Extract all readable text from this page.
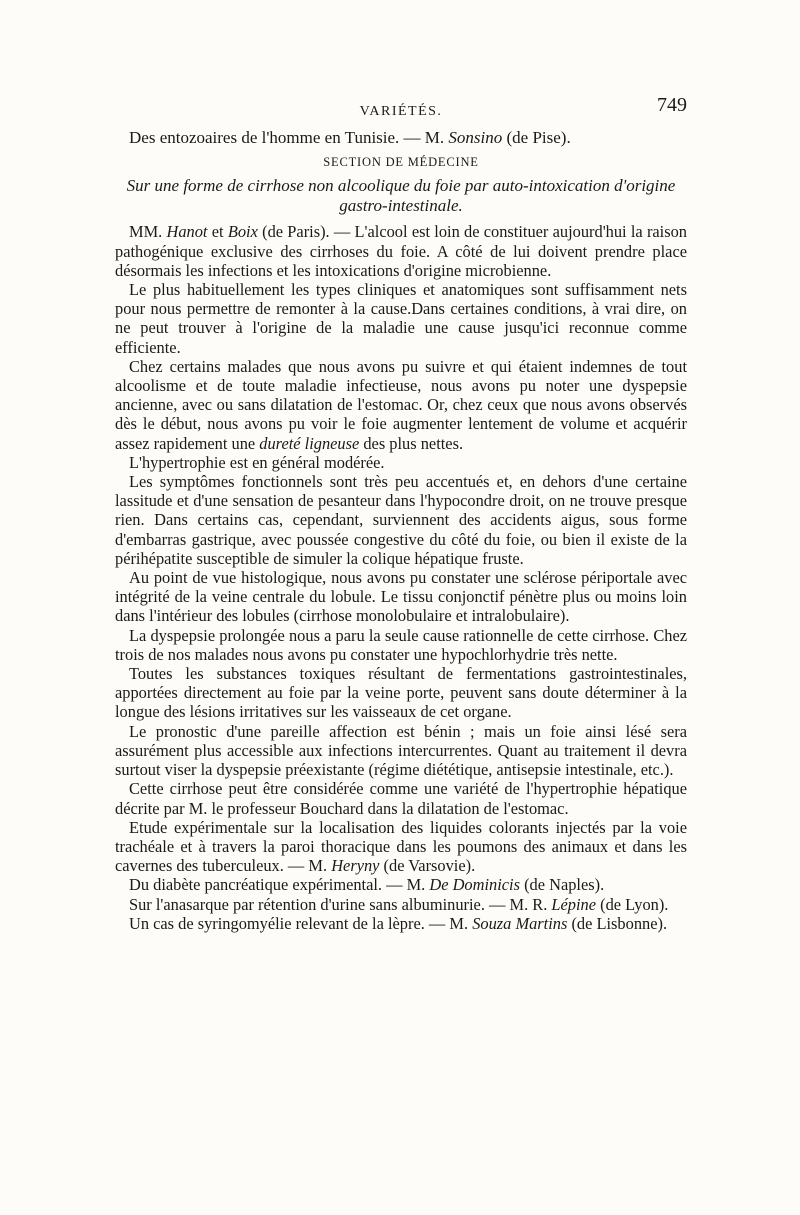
VARIÉTÉS.	749
Des entozoaires de l'homme en Tunisie. — M. Sonsino (de Pise).
SECTION DE MÉDECINE
Sur une forme de cirrhose non alcoolique du foie par auto-intoxication d'origine gastro-intestinale.

MM. Hanot et Boix (de Paris). — L'alcool est loin de constituer aujourd'hui la raison pathogénique exclusive des cirrhoses du foie. A côté de lui doivent prendre place désormais les infections et les intoxications d'origine microbienne.

Le plus habituellement les types cliniques et anatomiques sont suffisamment nets pour nous permettre de remonter à la cause.Dans certaines conditions, à vrai dire, on ne peut trouver à l'origine de la maladie une cause jusqu'ici reconnue comme efficiente.

Chez certains malades que nous avons pu suivre et qui étaient indemnes de tout alcoolisme et de toute maladie infectieuse, nous avons pu noter une dyspepsie ancienne, avec ou sans dilatation de l'estomac. Or, chez ceux que nous avons observés dès le début, nous avons pu voir le foie augmenter lentement de volume et acquérir assez rapidement une dureté ligneuse des plus nettes.

L'hypertrophie est en général modérée.

Les symptômes fonctionnels sont très peu accentués et, en dehors d'une certaine lassitude et d'une sensation de pesanteur dans l'hypocondre droit, on ne trouve presque rien. Dans certains cas, cependant, surviennent des accidents aigus, sous forme d'embarras gastrique, avec poussée congestive du côté du foie, ou bien il existe de la périhépatite susceptible de simuler la colique hépatique fruste.

Au point de vue histologique, nous avons pu constater une sclérose périportale avec intégrité de la veine centrale du lobule. Le tissu conjonctif pénètre plus ou moins loin dans l'intérieur des lobules (cirrhose monolobulaire et intralobulaire).

La dyspepsie prolongée nous a paru la seule cause rationnelle de cette cirrhose. Chez trois de nos malades nous avons pu constater une hypochlorhydrie très nette.

Toutes les substances toxiques résultant de fermentations gastrointestinales, apportées directement au foie par la veine porte, peuvent sans doute déterminer à la longue des lésions irritatives sur les vaisseaux de cet organe.

Le pronostic d'une pareille affection est bénin ; mais un foie ainsi lésé sera assurément plus accessible aux infections intercurrentes. Quant au traitement il devra surtout viser la dyspepsie préexistante (régime diététique, antisepsie intestinale, etc.).

Cette cirrhose peut être considérée comme une variété de l'hypertrophie hépatique décrite par M. le professeur Bouchard dans la dilatation de l'estomac.

Etude expérimentale sur la localisation des liquides colorants injectés par la voie trachéale et à travers la paroi thoracique dans les poumons des animaux et dans les cavernes des tuberculeux. — M. Heryny (de Varsovie).

Du diabète pancréatique expérimental. — M. De Dominicis (de Naples).

Sur l'anasarque par rétention d'urine sans albuminurie. — M. R. Lépine (de Lyon).

Un cas de syringomyélie relevant de la lèpre. — M. Souza Martins (de Lisbonne).
